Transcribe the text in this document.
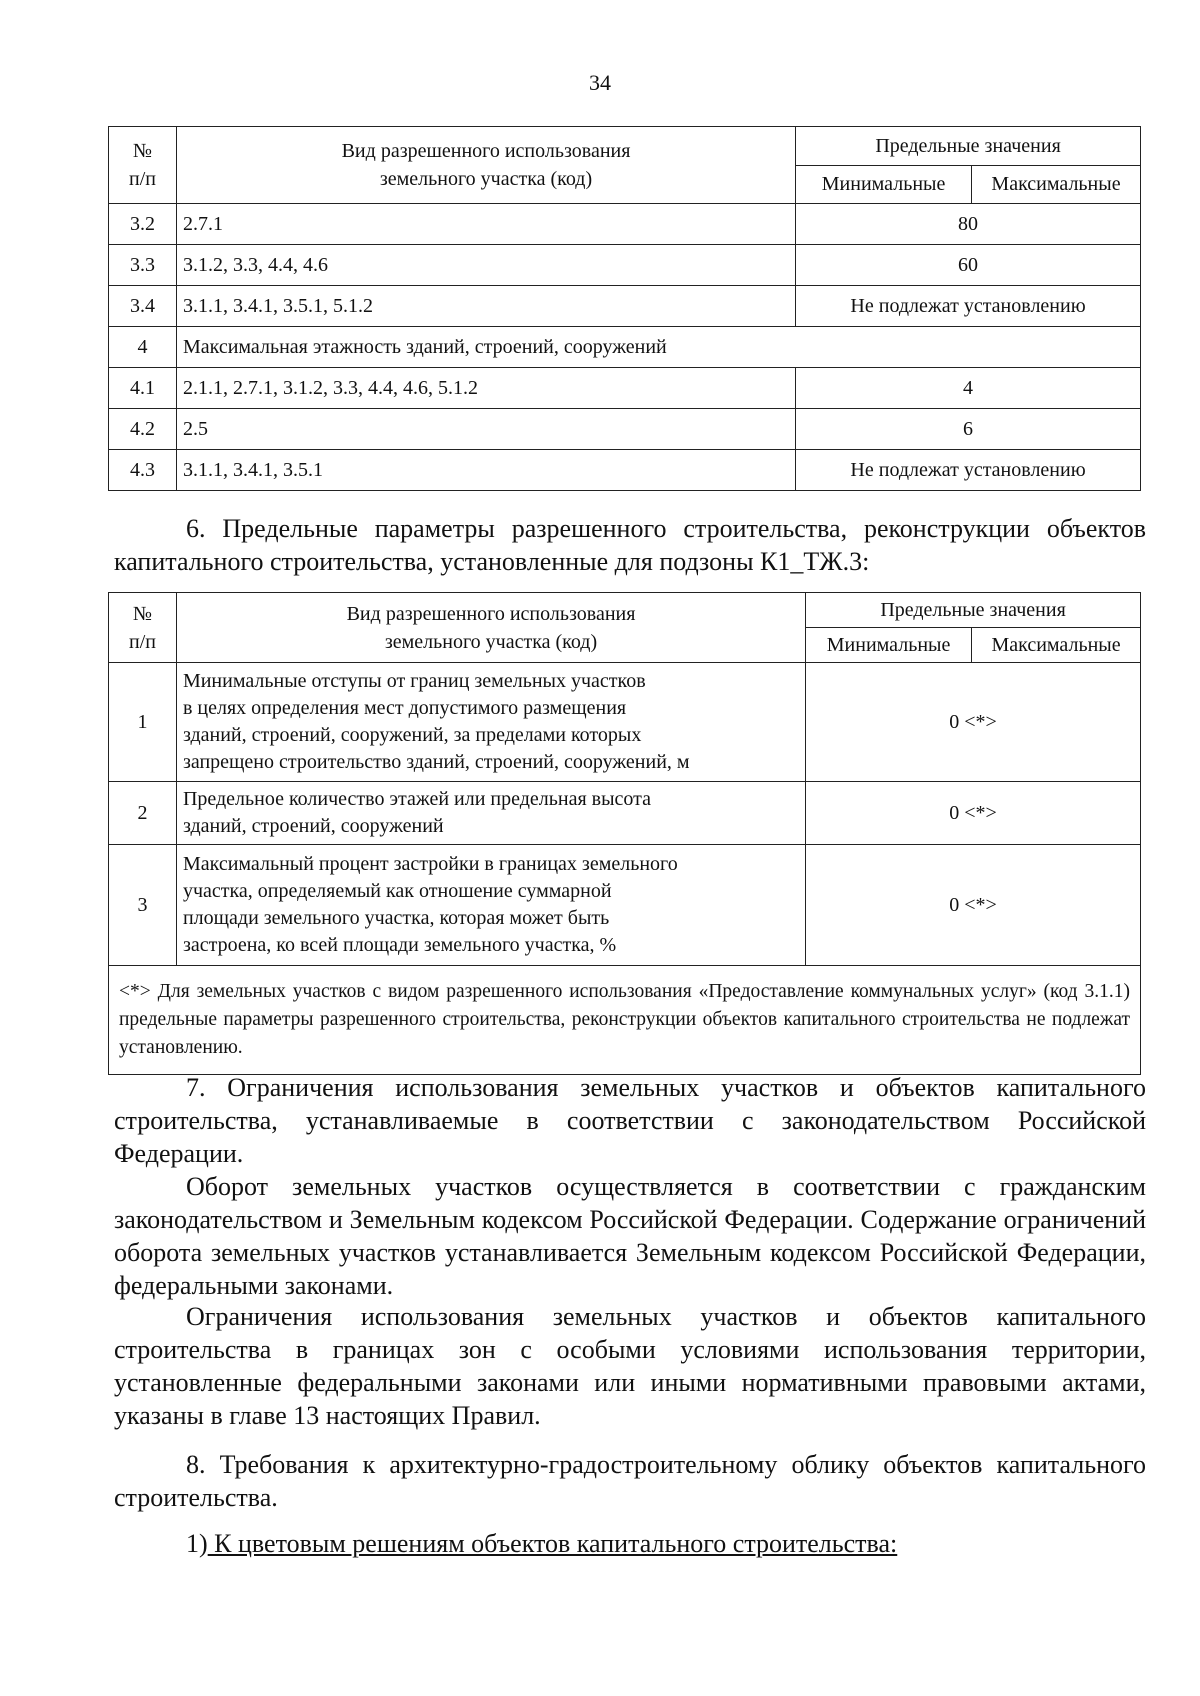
34
№
п/п	Вид разрешенного использования
земельного участка (код)	Предельные значения	
		Минимальные	Максимальные
3.2	2.7.1	80	
3.3	3.1.2, 3.3, 4.4, 4.6	60	
3.4	3.1.1, 3.4.1, 3.5.1, 5.1.2	Не подлежат установлению	
4	Максимальная этажность зданий, строений, сооружений		
4.1	2.1.1, 2.7.1, 3.1.2, 3.3, 4.4, 4.6, 5.1.2	4	
4.2	2.5	6	
4.3	3.1.1, 3.4.1, 3.5.1	Не подлежат установлению	

6. Предельные параметры разрешенного строительства, реконструкции объектов капитального строительства, установленные для подзоны К1_ТЖ.3:

№
п/п	Вид разрешенного использования
земельного участка (код)	Предельные значения	
		Минимальные	Максимальные
1	Минимальные отступы от границ земельных участков
в целях определения мест допустимого размещения
зданий, строений, сооружений, за пределами которых
запрещено строительство зданий, строений, сооружений, м	0 <*>	
2	Предельное количество этажей или предельная высота
зданий, строений, сооружений	0 <*>	
3	Максимальный процент застройки в границах земельного
участка, определяемый как отношение суммарной
площади земельного участка, которая может быть
застроена, ко всей площади земельного участка, %	0 <*>	
<*> Для земельных участков с видом разрешенного использования «Предоставление коммунальных услуг» (код 3.1.1) предельные параметры разрешенного строительства, реконструкции объектов капитального строительства не подлежат установлению.			

7. Ограничения использования земельных участков и объектов капитального строительства, устанавливаемые в соответствии с законодательством Российской Федерации.

Оборот земельных участков осуществляется в соответствии с гражданским законодательством и Земельным кодексом Российской Федерации. Содержание ограничений оборота земельных участков устанавливается Земельным кодексом Российской Федерации, федеральными законами.

Ограничения использования земельных участков и объектов капитального строительства в границах зон с особыми условиями использования территории, установленные федеральными законами или иными нормативными правовыми актами, указаны в главе 13 настоящих Правил.

8. Требования к архитектурно-градостроительному облику объектов капитального строительства.

1) К цветовым решениям объектов капитального строительства:
